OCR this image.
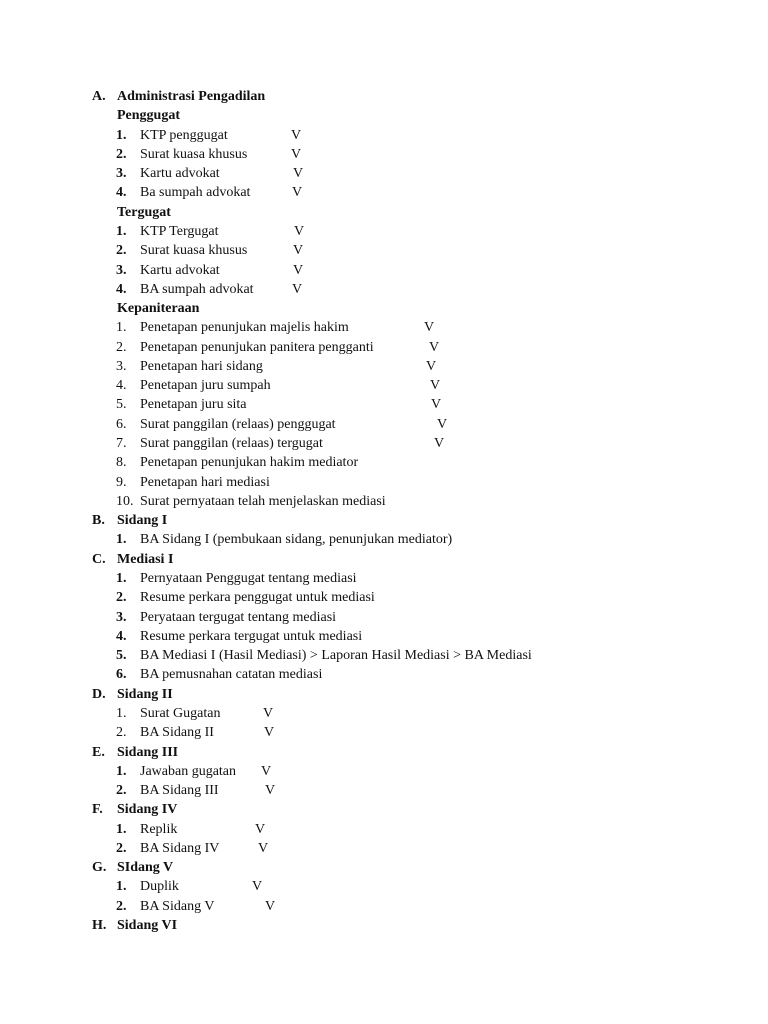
A. Administrasi Pengadilan
Penggugat
1. KTP penggugat	V
2. Surat kuasa khusus	V
3. Kartu advokat	V
4. Ba sumpah advokat	V
Tergugat
1. KTP Tergugat	V
2. Surat kuasa khusus	V
3. Kartu advokat	V
4. BA sumpah advokat	V
Kepaniteraan
1. Penetapan penunjukan majelis hakim	V
2. Penetapan penunjukan panitera pengganti	V
3. Penetapan hari sidang	V
4. Penetapan juru sumpah	V
5. Penetapan juru sita	V
6. Surat panggilan (relaas) penggugat	V
7. Surat panggilan (relaas) tergugat	V
8. Penetapan penunjukan hakim mediator
9. Penetapan hari mediasi
10. Surat pernyataan telah menjelaskan mediasi
B. Sidang I
1. BA Sidang I (pembukaan sidang, penunjukan mediator)
C. Mediasi I
1. Pernyataan Penggugat tentang mediasi
2. Resume perkara penggugat untuk mediasi
3. Peryataan tergugat tentang mediasi
4. Resume perkara tergugat untuk mediasi
5. BA Mediasi I (Hasil Mediasi) > Laporan Hasil Mediasi > BA Mediasi
6. BA pemusnahan catatan mediasi
D. Sidang II
1. Surat Gugatan	V
2. BA Sidang II	V
E. Sidang III
1. Jawaban gugatan V
2. BA Sidang III	V
F. Sidang IV
1. Replik	V
2. BA Sidang IV	V
G. SIdang V
1. Duplik	V
2. BA Sidang V	V
H. Sidang VI
